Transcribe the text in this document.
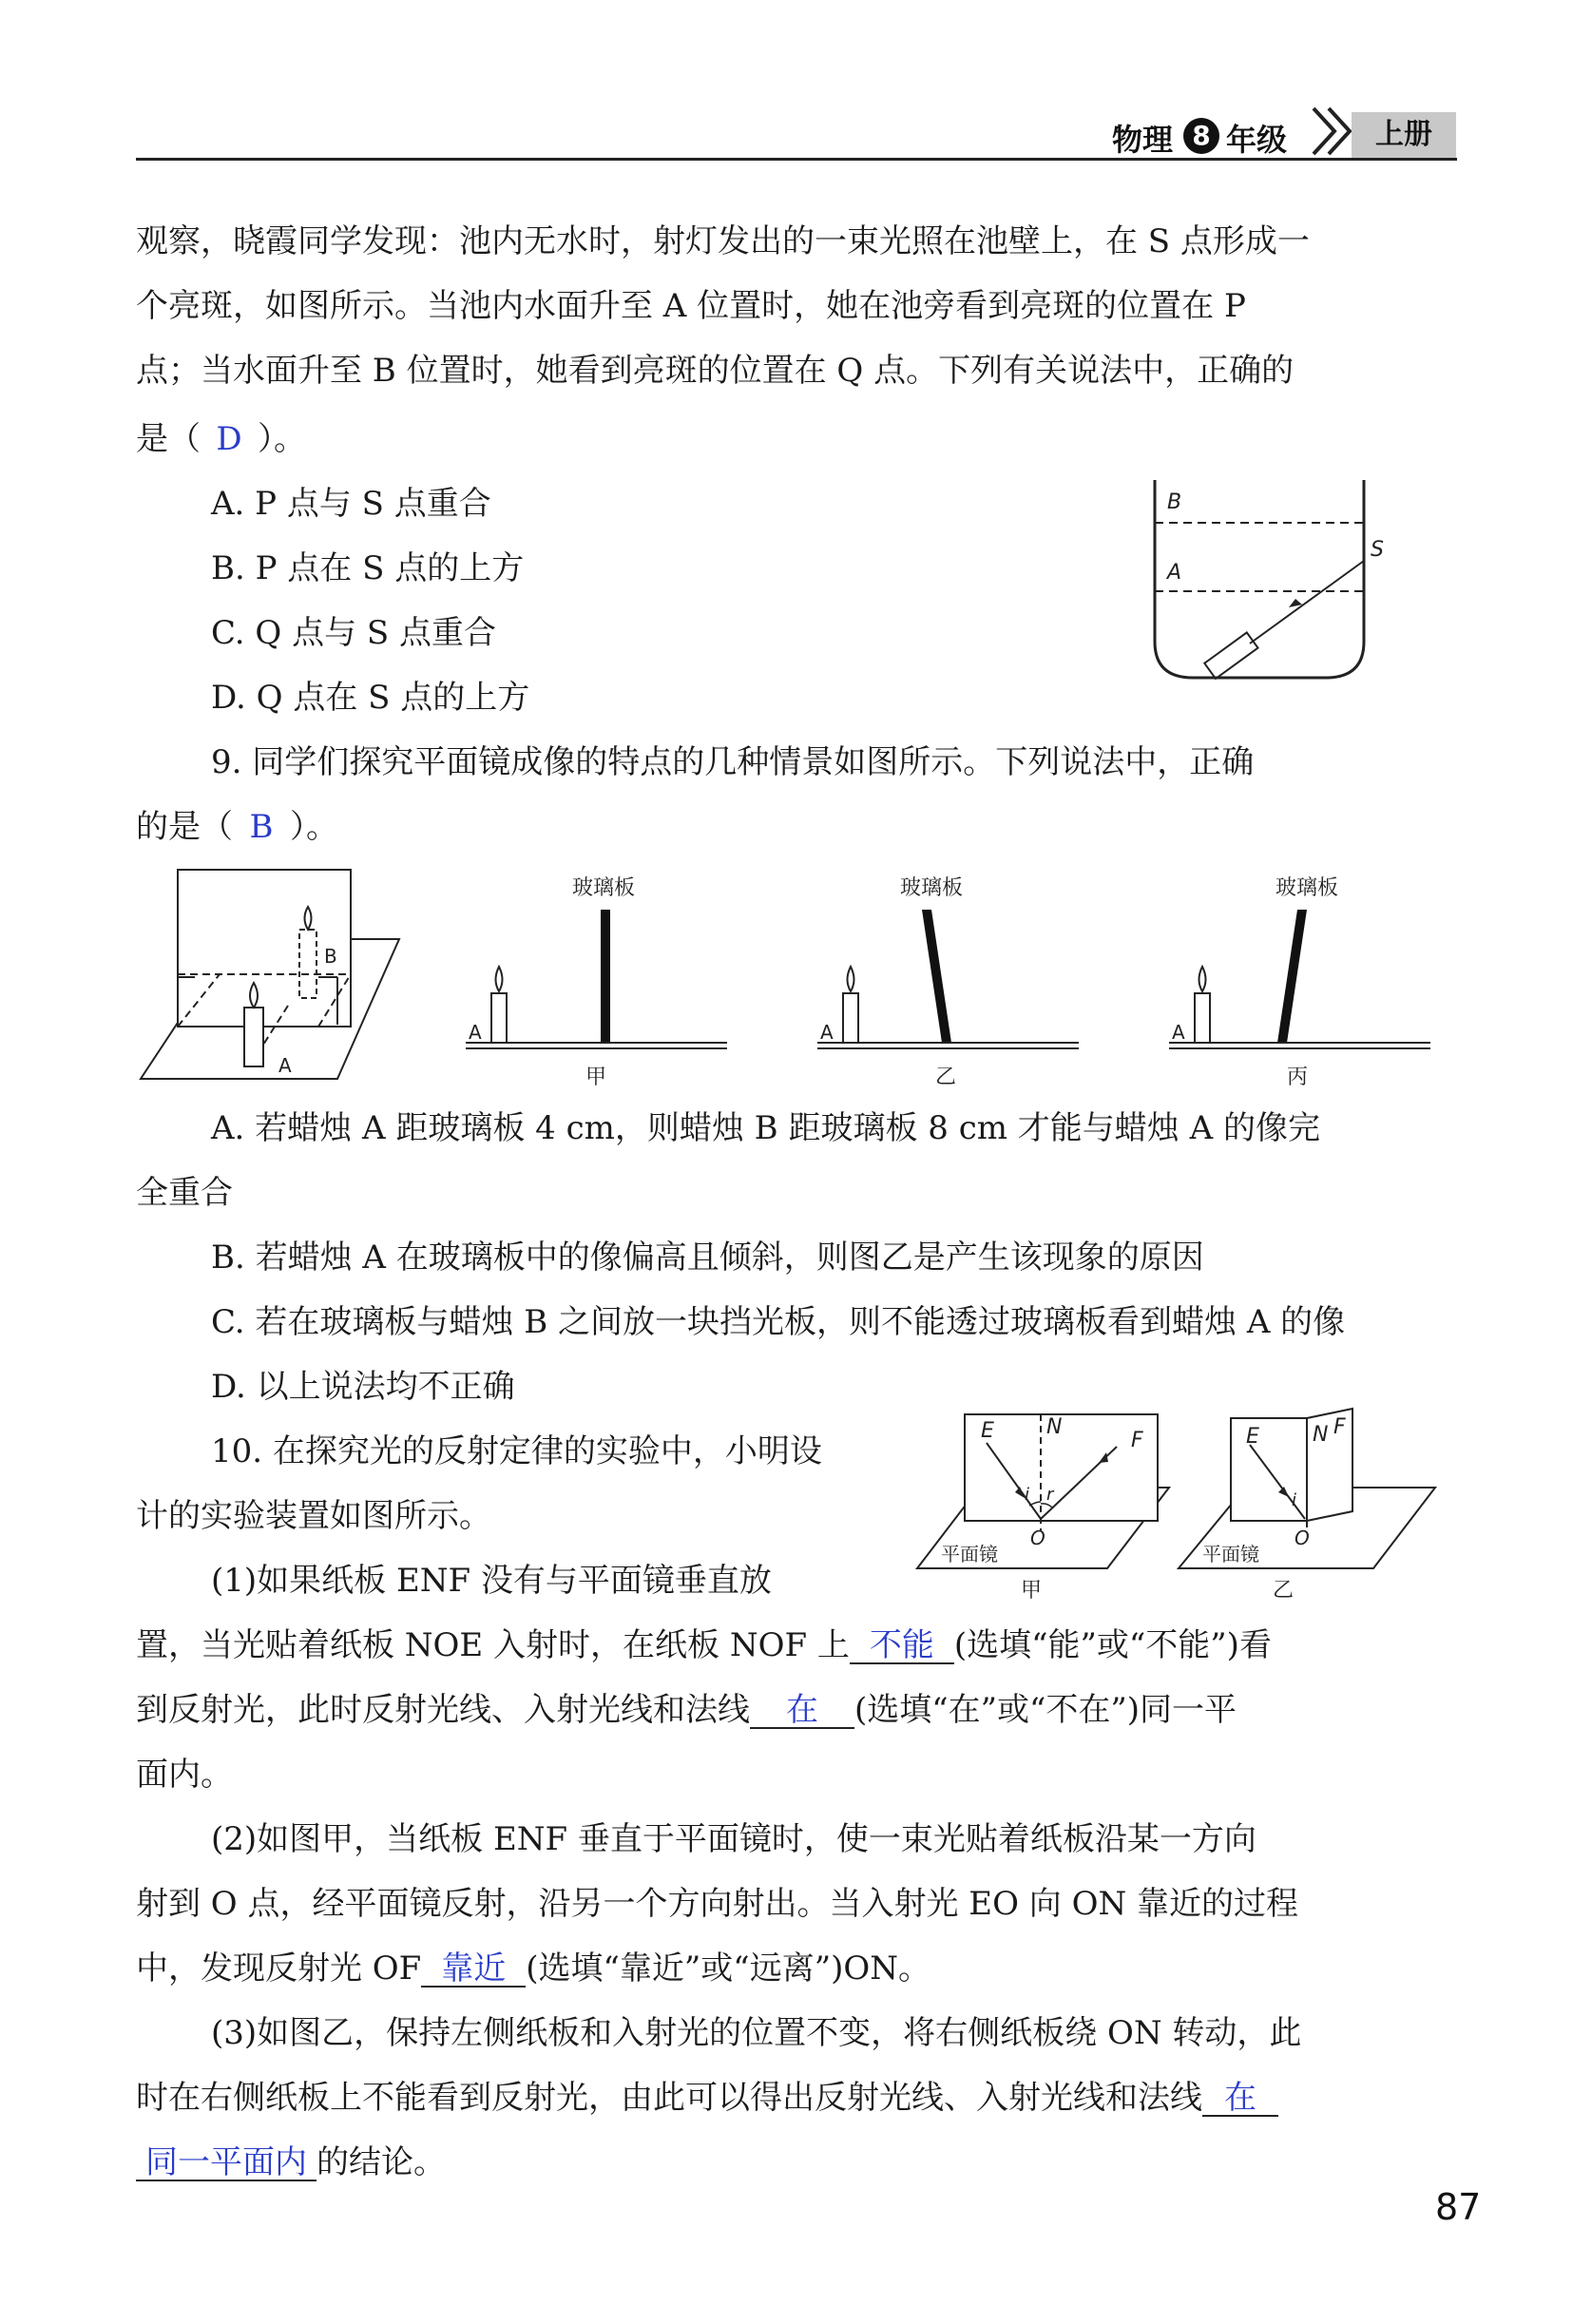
物理 8 年级	上册
观察，晓霞同学发现：池内无水时，射灯发出的一束光照在池壁上，在 S 点形成一
个亮斑，如图所示。当池内水面升至 A 位置时，她在池旁看到亮斑的位置在 P
点；当水面升至 B 位置时，她看到亮斑的位置在 Q 点。下列有关说法中，正确的
是（ D ）。
A. P 点与 S 点重合
B. P 点在 S 点的上方
C. Q 点与 S 点重合
D. Q 点在 S 点的上方
B
A
S
9. 同学们探究平面镜成像的特点的几种情景如图所示。下列说法中，正确
的是（ B ）。
B
A
玻璃板
A
甲
玻璃板
A
乙
玻璃板
A
丙
A. 若蜡烛 A 距玻璃板 4 cm，则蜡烛 B 距玻璃板 8 cm 才能与蜡烛 A 的像完
全重合
B. 若蜡烛 A 在玻璃板中的像偏高且倾斜，则图乙是产生该现象的原因
C. 若在玻璃板与蜡烛 B 之间放一块挡光板，则不能透过玻璃板看到蜡烛 A 的像
D. 以上说法均不正确
10. 在探究光的反射定律的实验中，小明设
计的实验装置如图所示。
(1)如果纸板 ENF 没有与平面镜垂直放
E	N
F
i r
O
平面镜
甲
E	N F
i
O
平面镜
乙
置，当光贴着纸板 NOE 入射时，在纸板 NOF 上 不能 (选填“能”或“不能”)看
到反射光，此时反射光线、入射光线和法线 在 (选填“在”或“不在”)同一平
面内。
(2)如图甲，当纸板 ENF 垂直于平面镜时，使一束光贴着纸板沿某一方向
射到 O 点，经平面镜反射，沿另一个方向射出。当入射光 EO 向 ON 靠近的过程
中，发现反射光 OF 靠近 (选填“靠近”或“远离”)ON。
(3)如图乙，保持左侧纸板和入射光的位置不变，将右侧纸板绕 ON 转动，此
时在右侧纸板上不能看到反射光，由此可以得出反射光线、入射光线和法线 在
同一平面内 的结论。
87
